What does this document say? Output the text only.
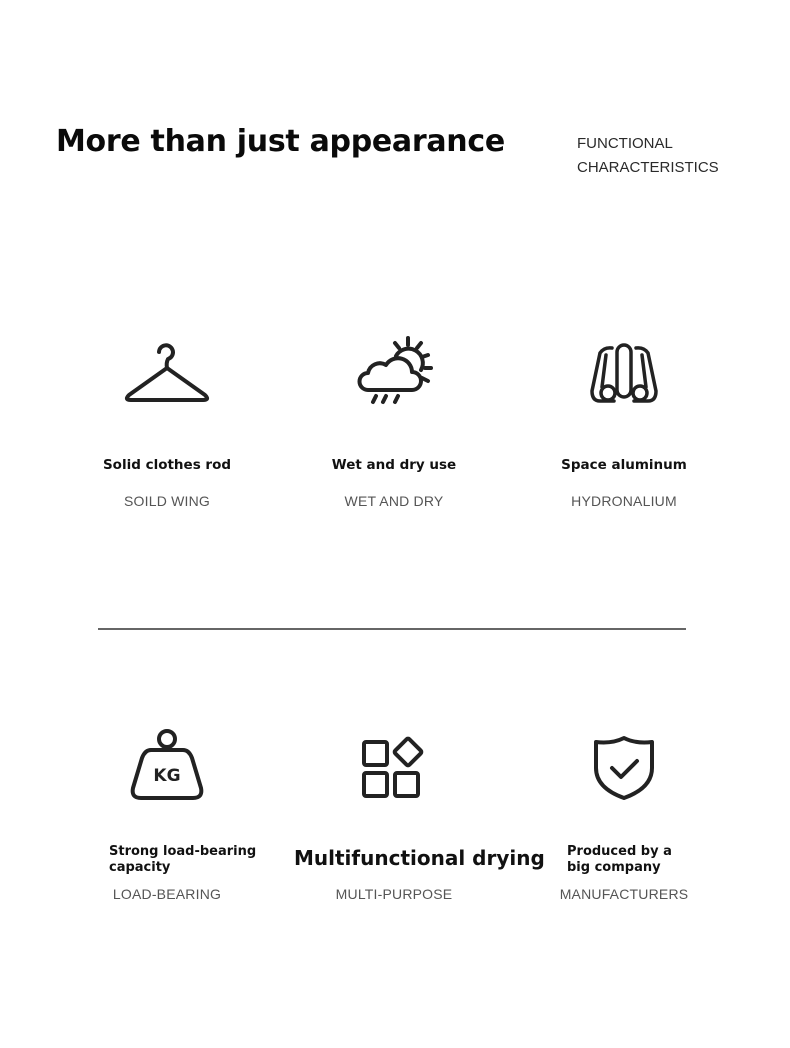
More than just appearance	FUNCTIONAL
CHARACTERISTICS
Solid clothes rod
SOILD WING
Wet and dry use
WET AND DRY
Space aluminum
HYDRONALIUM
KG
Strong load-bearing capacity
LOAD-BEARING
Multifunctional drying
MULTI-PURPOSE
Produced by a big company
MANUFACTURERS
